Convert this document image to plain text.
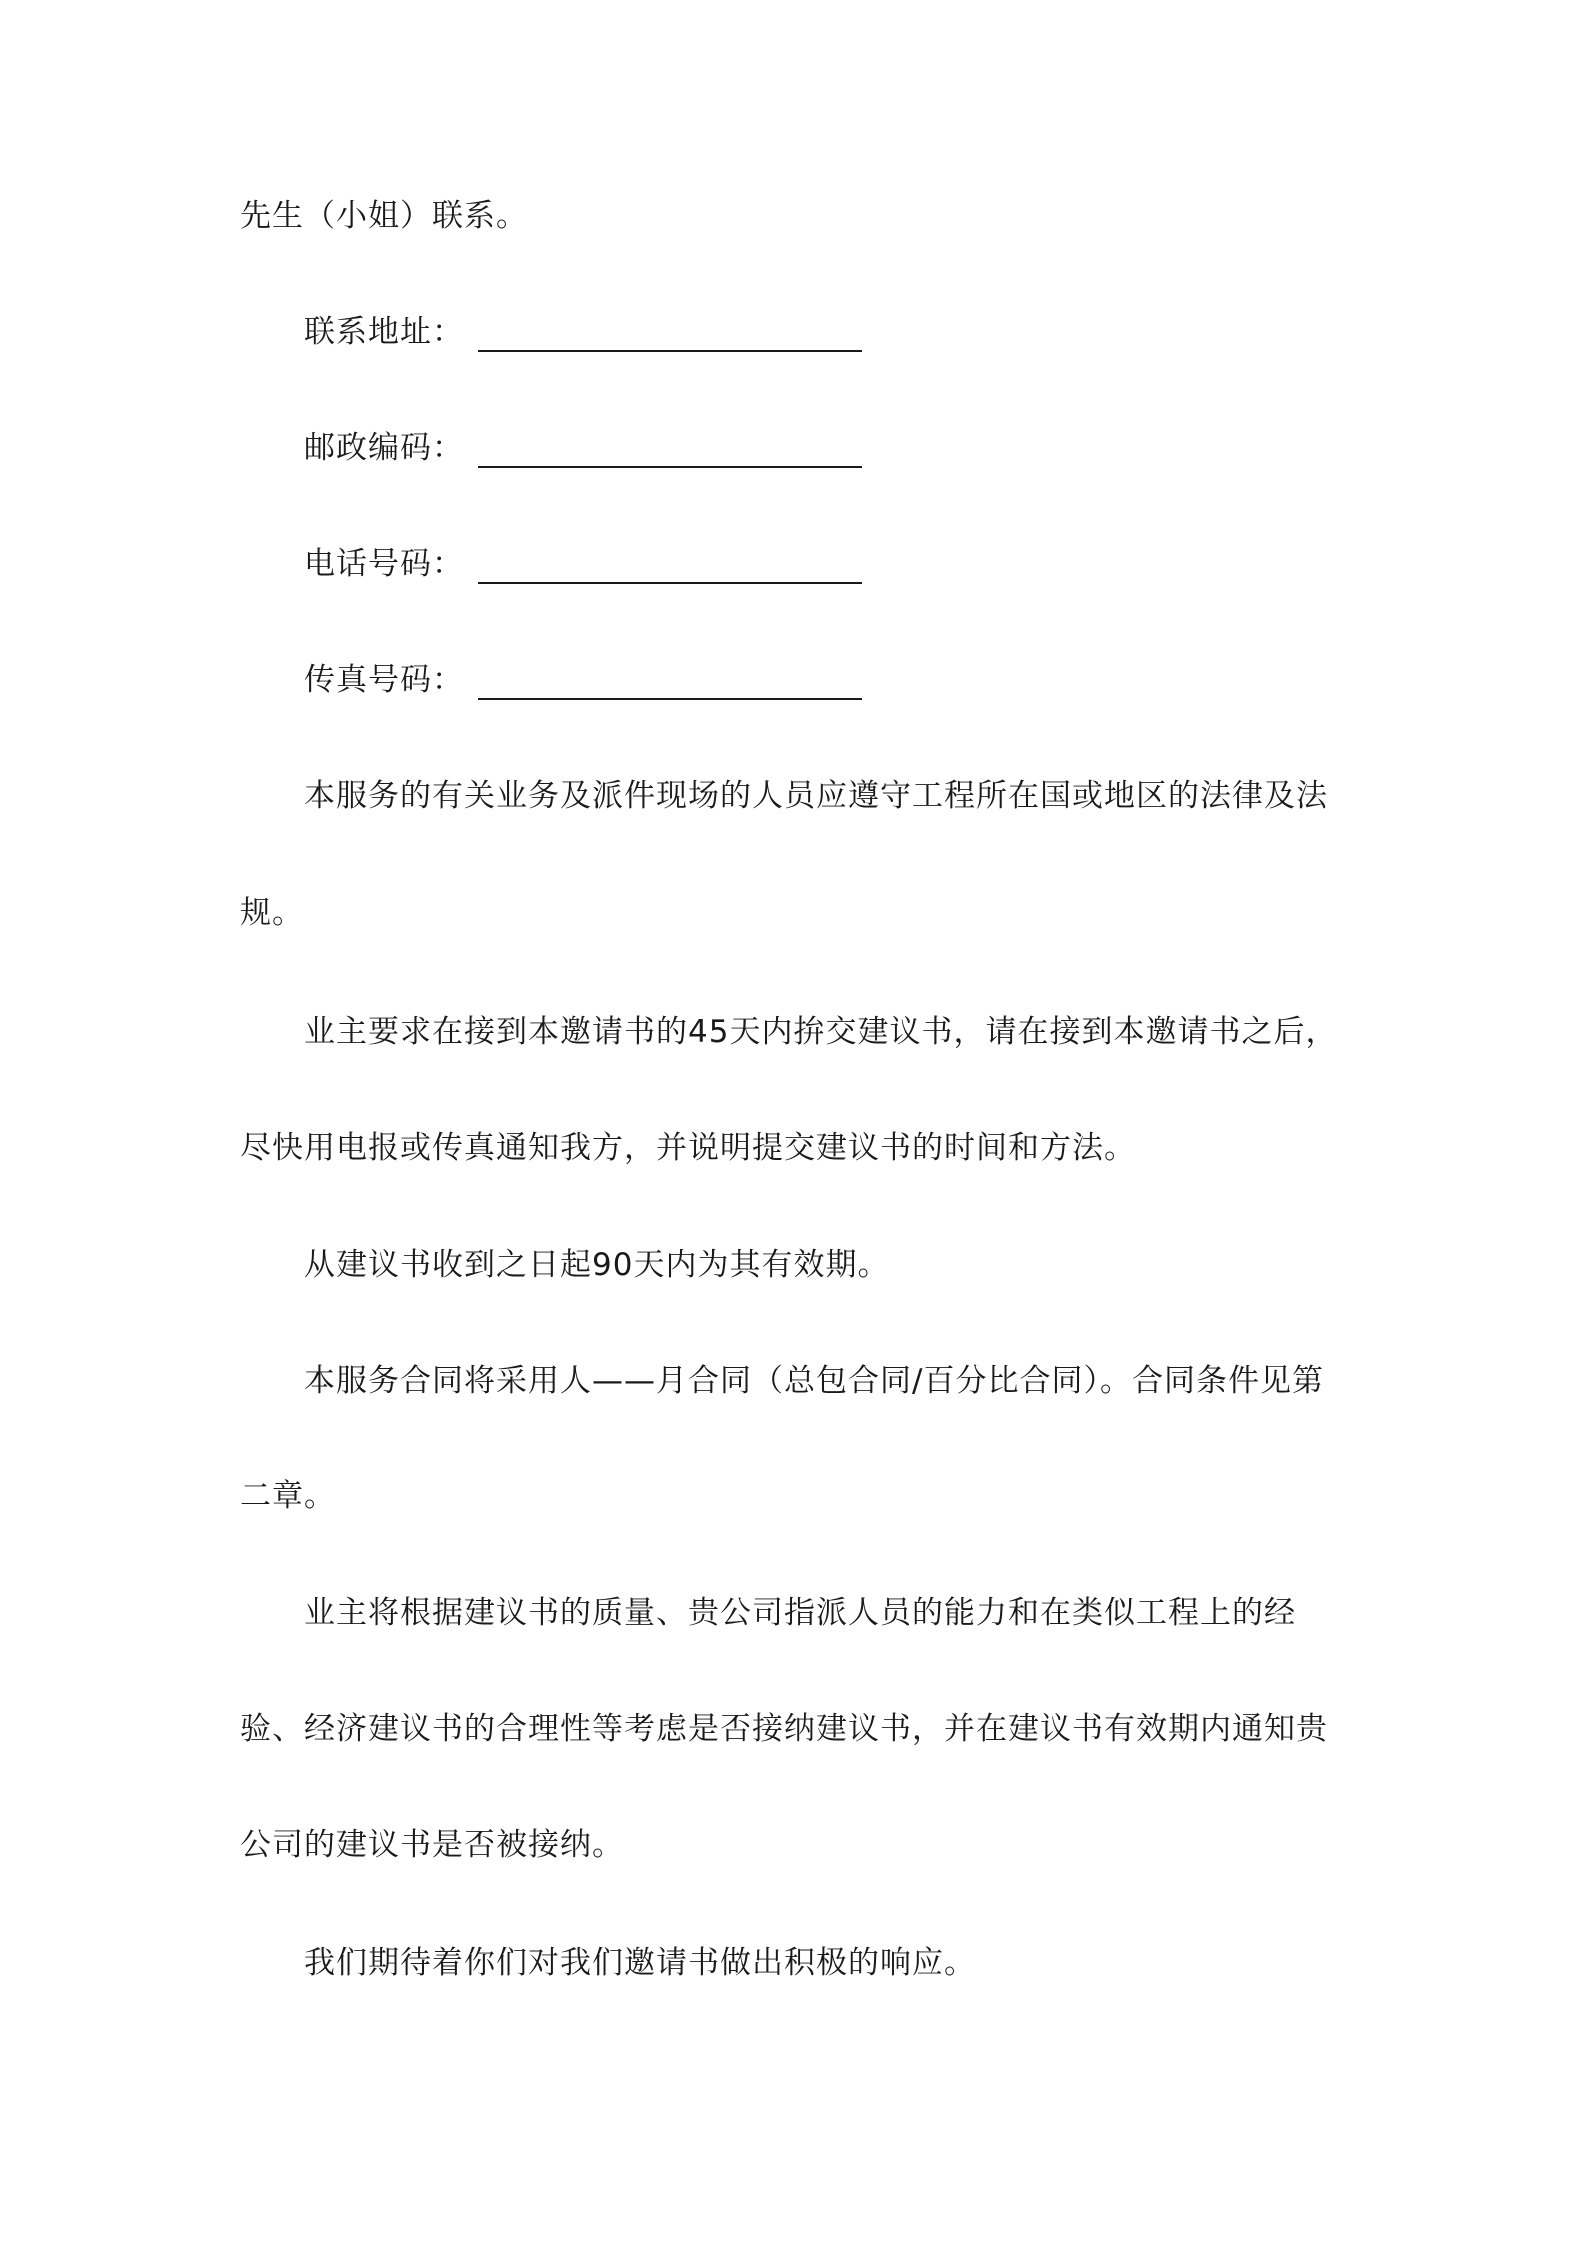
先生（小姐）联系。
联系地址：
邮政编码：
电话号码：
传真号码：
本服务的有关业务及派件现场的人员应遵守工程所在国或地区的法律及法
规。
业主要求在接到本邀请书的45天内拚交建议书，请在接到本邀请书之后，
尽快用电报或传真通知我方，并说明提交建议书的时间和方法。
从建议书收到之日起90天内为其有效期。
本服务合同将采用人——月合同（总包合同/百分比合同）。合同条件见第
二章。
业主将根据建议书的质量、贵公司指派人员的能力和在类似工程上的经
验、经济建议书的合理性等考虑是否接纳建议书，并在建议书有效期内通知贵
公司的建议书是否被接纳。
我们期待着你们对我们邀请书做出积极的响应。
